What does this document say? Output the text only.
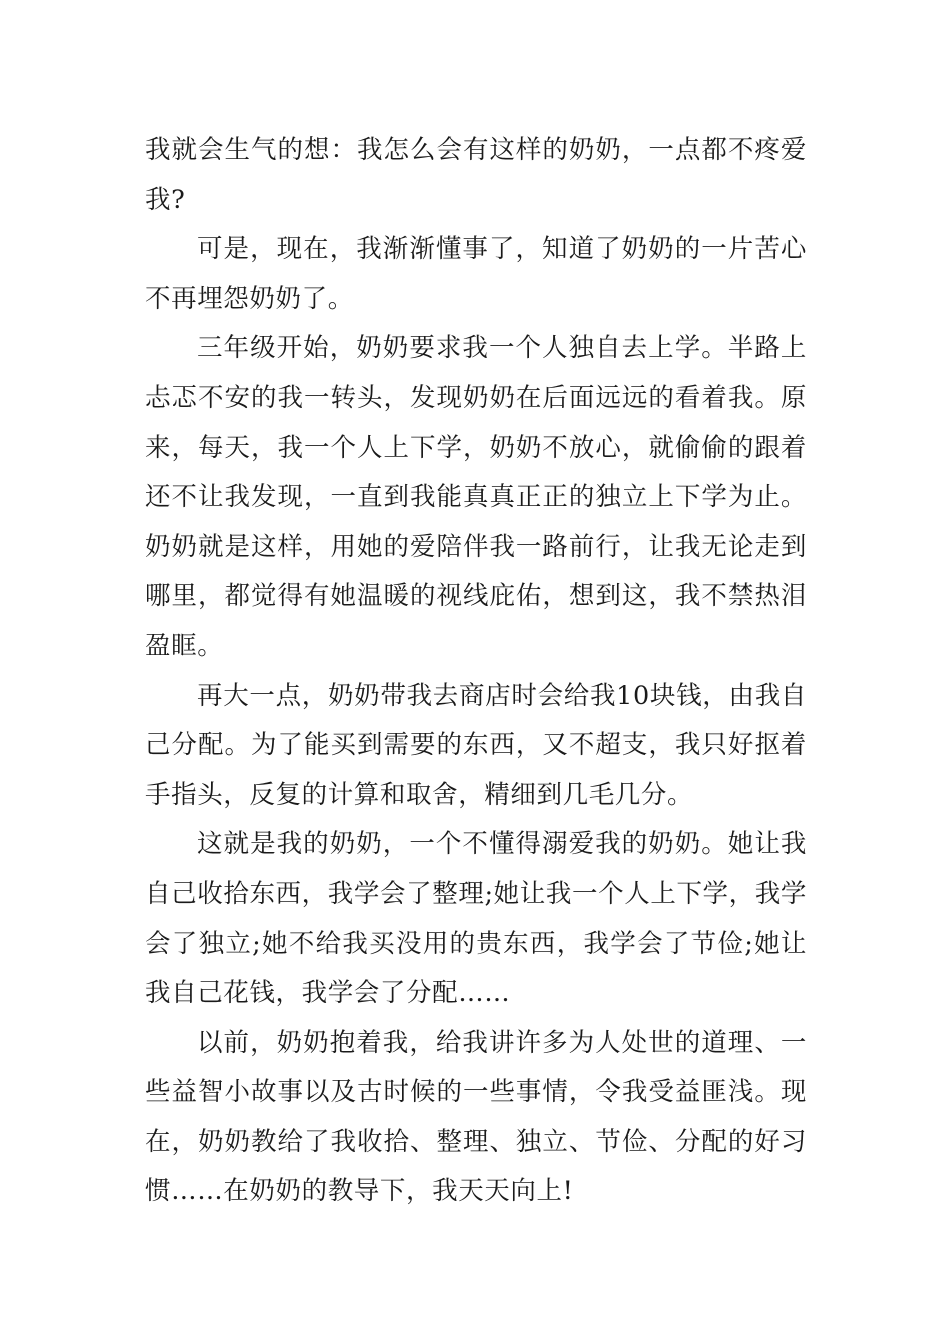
我就会生气的想：我怎么会有这样的奶奶，一点都不疼爱我?

可是，现在，我渐渐懂事了，知道了奶奶的一片苦心不再埋怨奶奶了。

三年级开始，奶奶要求我一个人独自去上学。半路上忐忑不安的我一转头，发现奶奶在后面远远的看着我。原来，每天，我一个人上下学，奶奶不放心，就偷偷的跟着还不让我发现，一直到我能真真正正的独立上下学为止。奶奶就是这样，用她的爱陪伴我一路前行，让我无论走到哪里，都觉得有她温暖的视线庇佑，想到这，我不禁热泪盈眶。

再大一点，奶奶带我去商店时会给我10块钱，由我自己分配。为了能买到需要的东西，又不超支，我只好抠着手指头，反复的计算和取舍，精细到几毛几分。

这就是我的奶奶，一个不懂得溺爱我的奶奶。她让我自己收拾东西，我学会了整理;她让我一个人上下学，我学会了独立;她不给我买没用的贵东西，我学会了节俭;她让我自己花钱，我学会了分配……

以前，奶奶抱着我，给我讲许多为人处世的道理、一些益智小故事以及古时候的一些事情，令我受益匪浅。现在，奶奶教给了我收拾、整理、独立、节俭、分配的好习惯……在奶奶的教导下，我天天向上!
